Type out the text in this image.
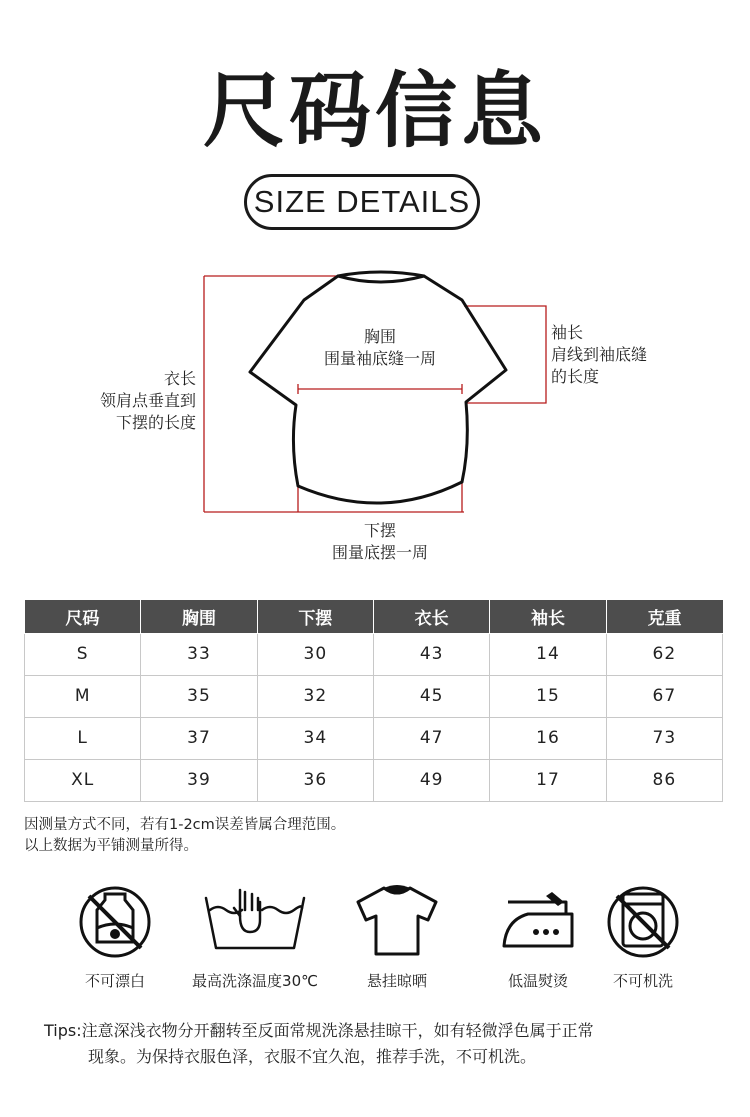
尺码信息
SIZE DETAILS
衣长
领肩点垂直到
下摆的长度
胸围
围量袖底缝一周
袖长
肩线到袖底缝
的长度
下摆
围量底摆一周
尺码	胸围	下摆	衣长	袖长	克重
S	33	30	43	14	62
M	35	32	45	15	67
L	37	34	47	16	73
XL	39	36	49	17	86
因测量方式不同，若有1-2cm误差皆属合理范围。
以上数据为平铺测量所得。
不可漂白	最高洗涤温度30℃	悬挂晾晒	低温熨烫	不可机洗
Tips:注意深浅衣物分开翻转至反面常规洗涤悬挂晾干，如有轻微浮色属于正常
现象。为保持衣服色泽，衣服不宜久泡，推荐手洗，不可机洗。
